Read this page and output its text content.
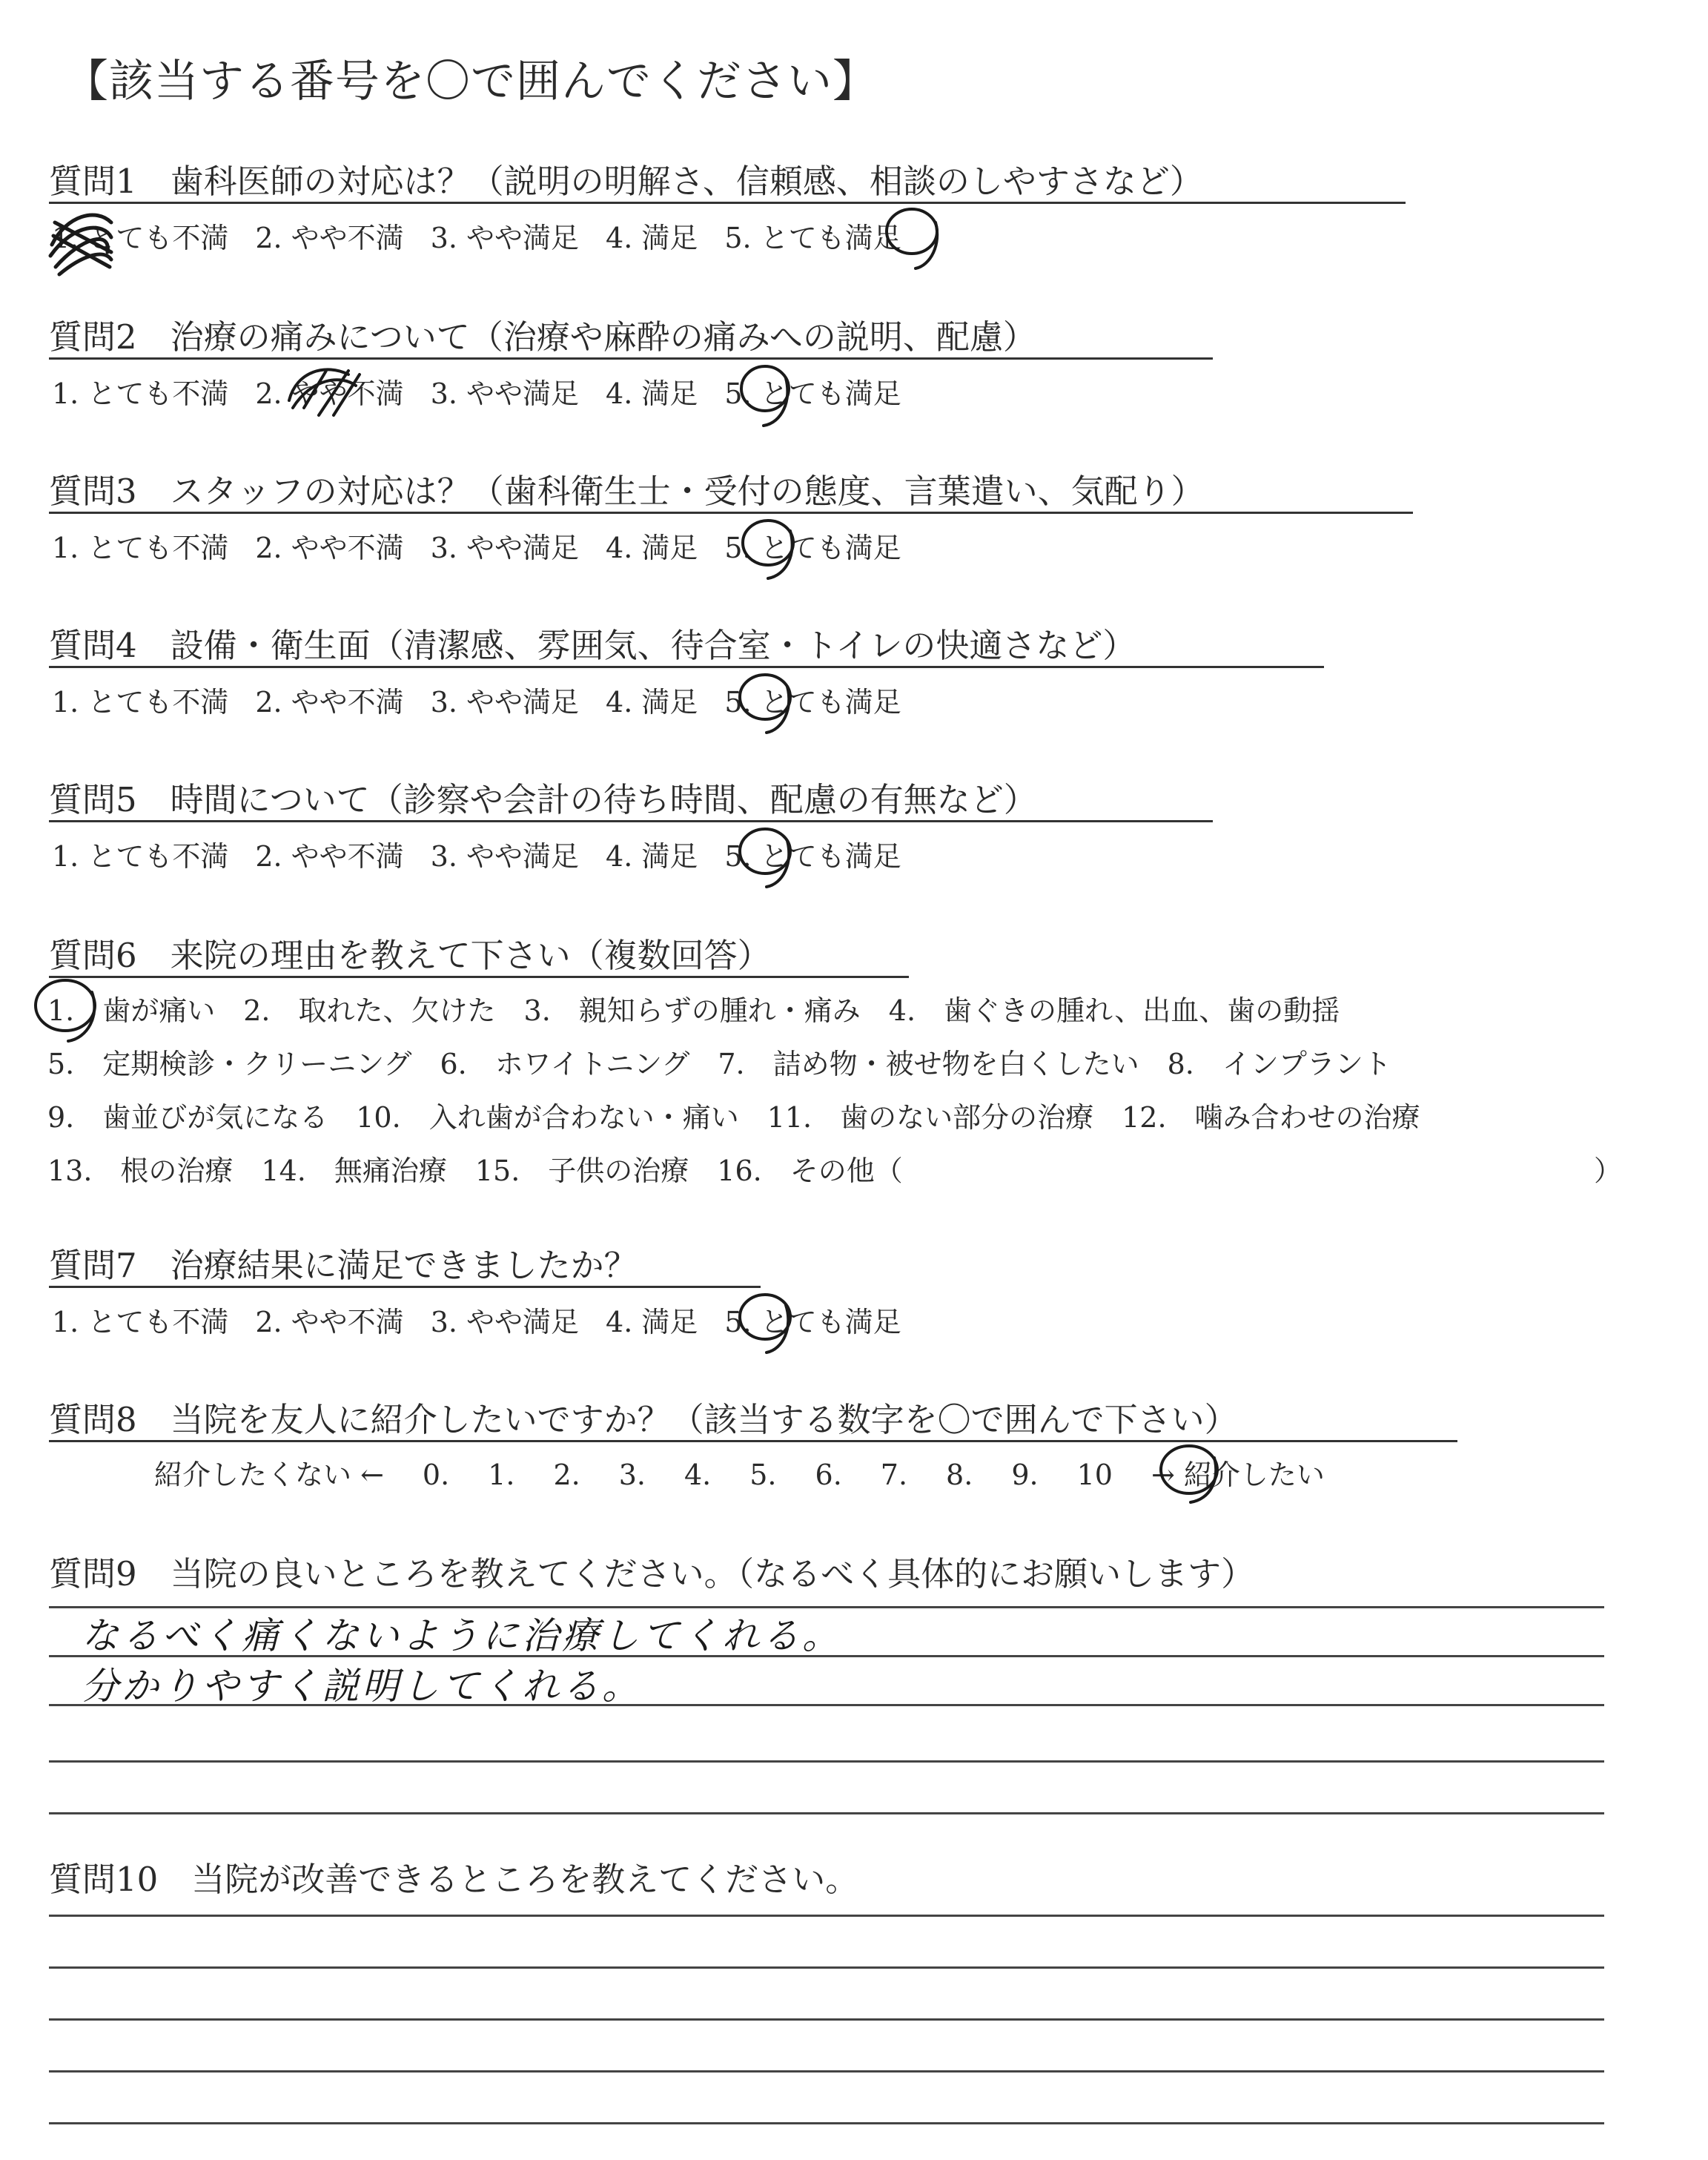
【該当する番号を〇で囲んでください】
質問1　歯科医師の対応は？（説明の明解さ、信頼感、相談のしやすさなど）
1. とても不満 2. やや不満 3. やや満足 4. 満足 5. とても満足
質問2　治療の痛みについて（治療や麻酔の痛みへの説明、配慮）
1. とても不満 2. やや不満 3. やや満足 4. 満足 5. とても満足
質問3　スタッフの対応は？（歯科衛生士・受付の態度、言葉遣い、気配り）
1. とても不満 2. やや不満 3. やや満足 4. 満足 5. とても満足
質問4　設備・衛生面（清潔感、雰囲気、待合室・トイレの快適さなど）
1. とても不満 2. やや不満 3. やや満足 4. 満足 5. とても満足
質問5　時間について（診察や会計の待ち時間、配慮の有無など）
1. とても不満 2. やや不満 3. やや満足 4. 満足 5. とても満足
質問6　来院の理由を教えて下さい（複数回答）
1.　歯が痛い　2.　取れた、欠けた　3.　親知らずの腫れ・痛み　4.　歯ぐきの腫れ、出血、歯の動揺
5.　定期検診・クリーニング　6.　ホワイトニング　7.　詰め物・被せ物を白くしたい　8.　インプラント
9.　歯並びが気になる　10.　入れ歯が合わない・痛い　11.　歯のない部分の治療　12.　噛み合わせの治療
13.　根の治療　14.　無痛治療　15.　子供の治療　16.　その他（	）
質問7　治療結果に満足できましたか？
1. とても不満 2. やや不満 3. やや満足 4. 満足 5. とても満足
質問8　当院を友人に紹介したいですか？（該当する数字を〇で囲んで下さい）
紹介したくない ← 0. 1. 2. 3. 4. 5. 6. 7. 8. 9. 10 → 紹介したい
質問9　当院の良いところを教えてください。（なるべく具体的にお願いします）
なるべく痛くないように治療してくれる。
分かりやすく説明してくれる。
質問10　当院が改善できるところを教えてください。
